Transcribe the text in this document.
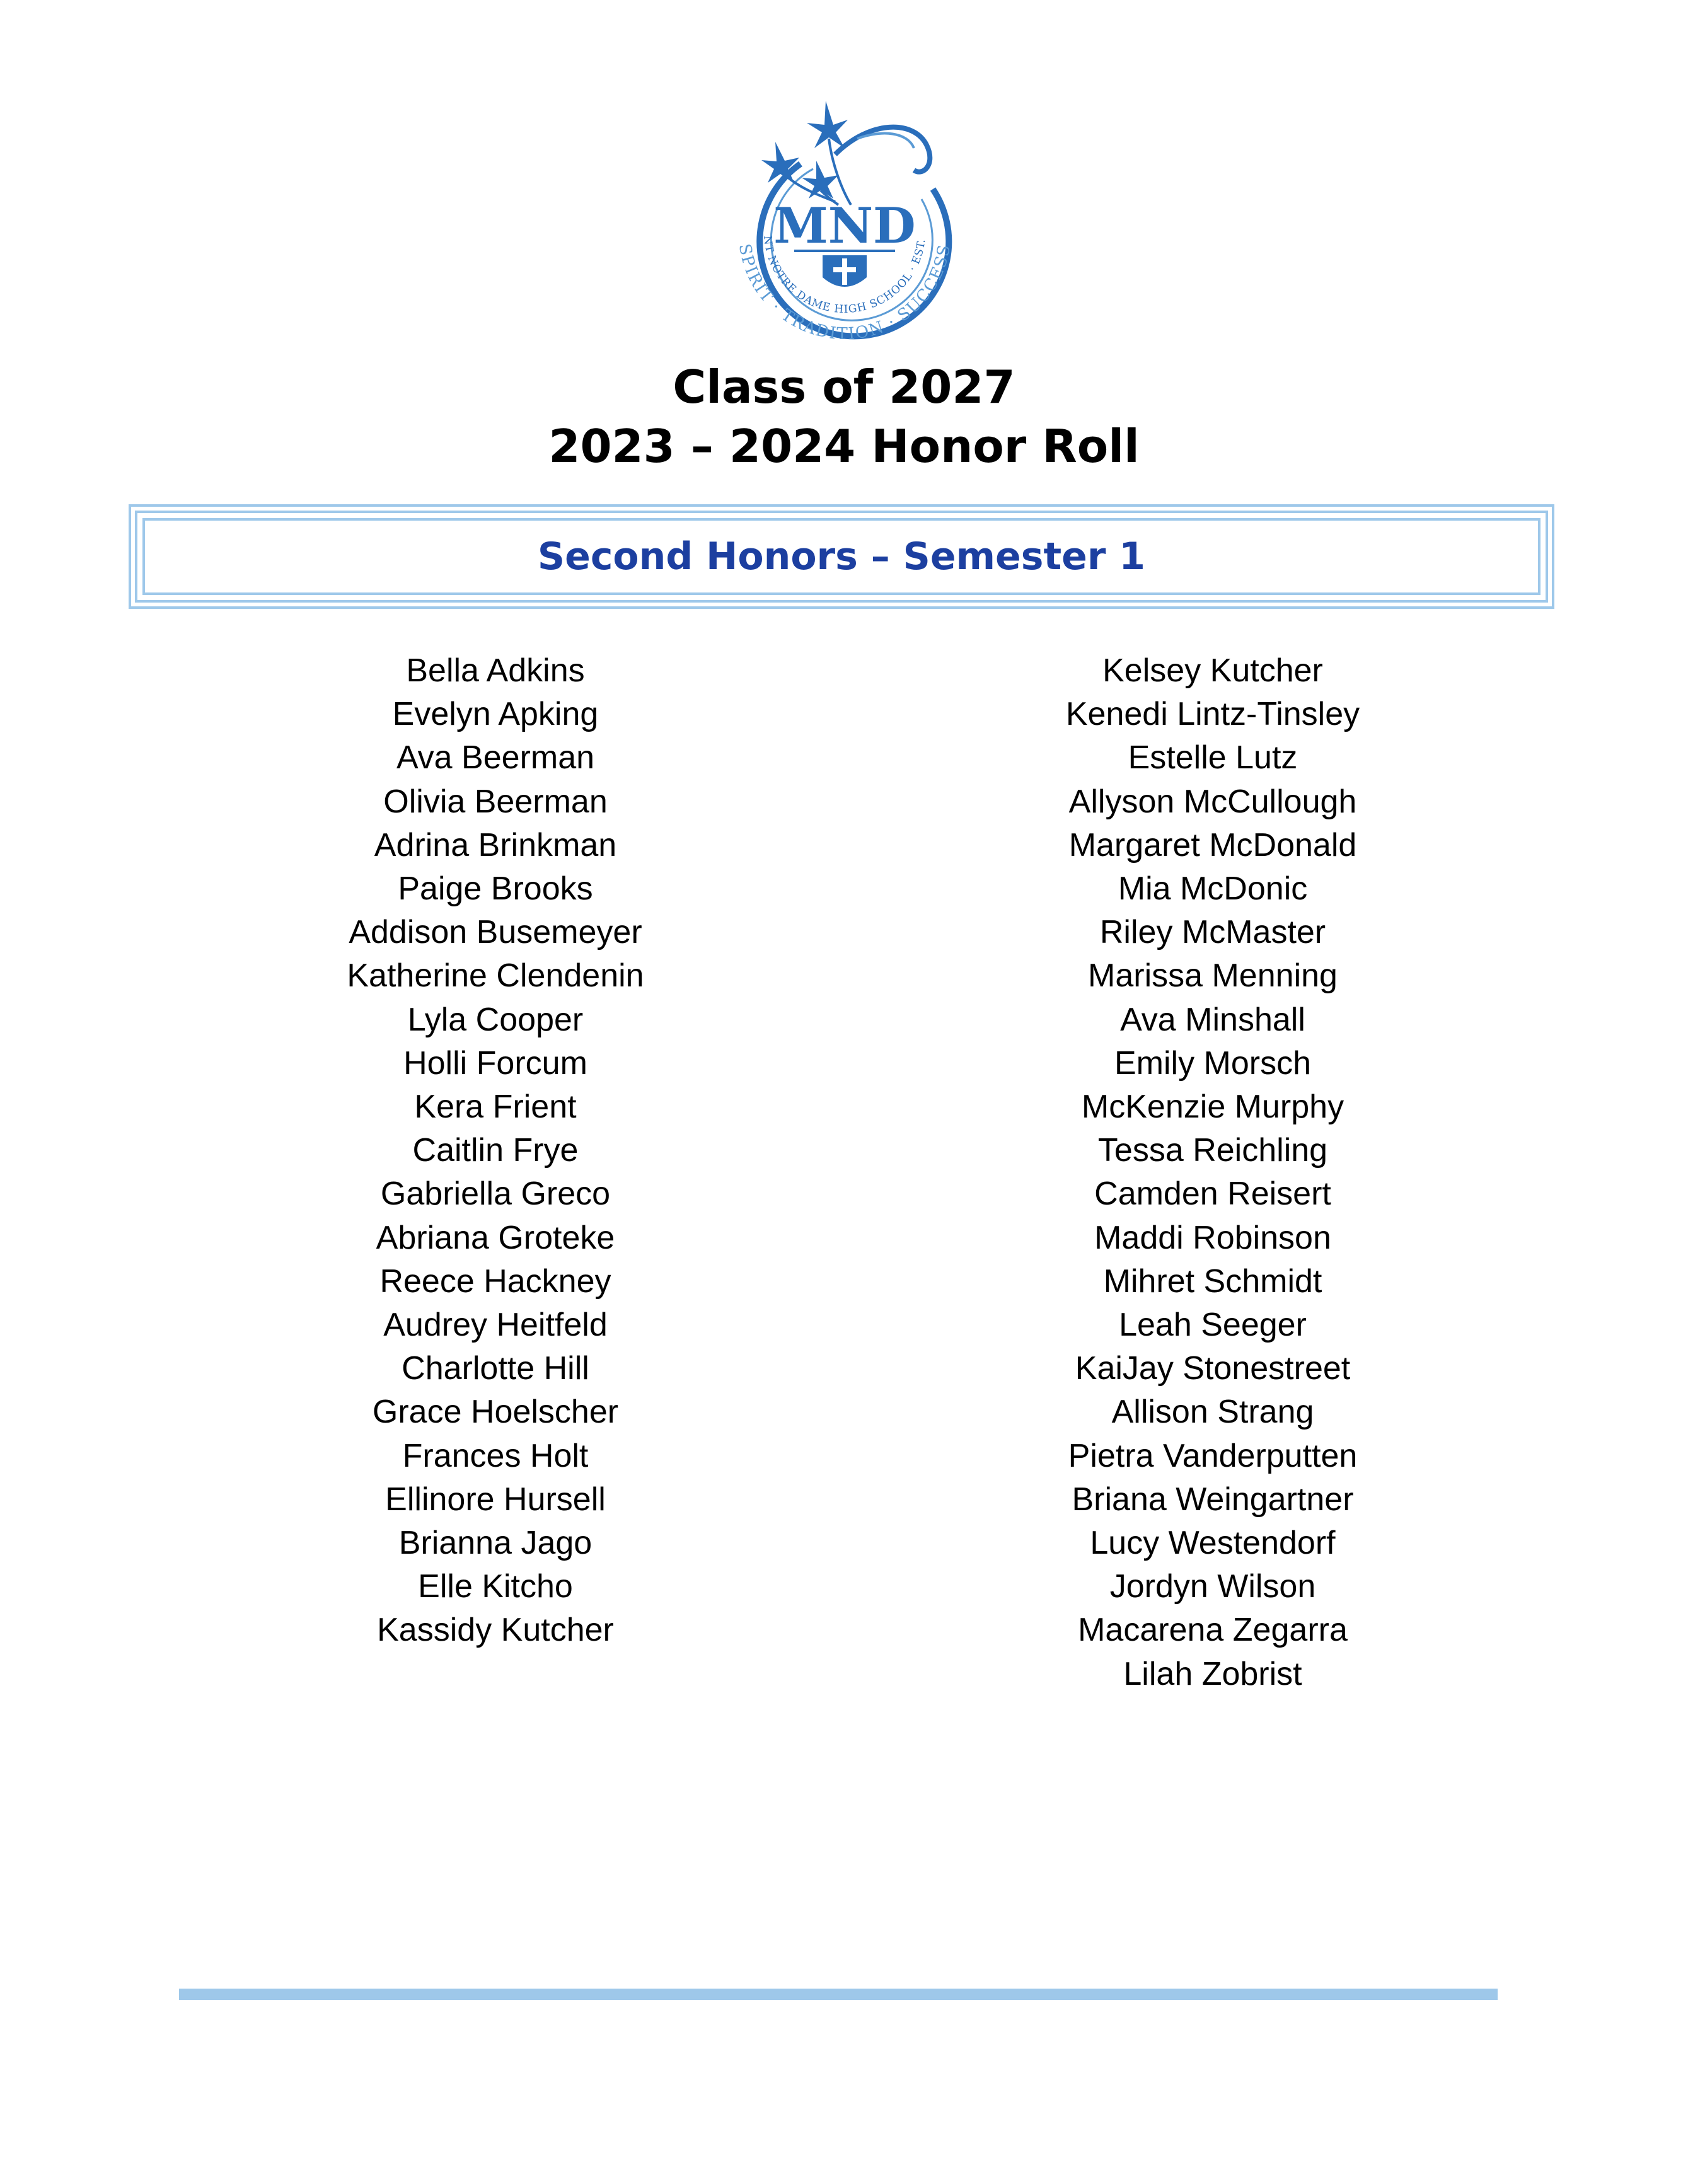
MND
NT NOTRE DAME HIGH SCHOOL · EST.
SPIRIT · TRADITION · SUCCESS
Class of 2027
2023 – 2024 Honor Roll
Second Honors – Semester 1
Bella Adkins
Evelyn Apking
Ava Beerman
Olivia Beerman
Adrina Brinkman
Paige Brooks
Addison Busemeyer
Katherine Clendenin
Lyla Cooper
Holli Forcum
Kera Frient
Caitlin Frye
Gabriella Greco
Abriana Groteke
Reece Hackney
Audrey Heitfeld
Charlotte Hill
Grace Hoelscher
Frances Holt
Ellinore Hursell
Brianna Jago
Elle Kitcho
Kassidy Kutcher
Kelsey Kutcher
Kenedi Lintz-Tinsley
Estelle Lutz
Allyson McCullough
Margaret McDonald
Mia McDonic
Riley McMaster
Marissa Menning
Ava Minshall
Emily Morsch
McKenzie Murphy
Tessa Reichling
Camden Reisert
Maddi Robinson
Mihret Schmidt
Leah Seeger
KaiJay Stonestreet
Allison Strang
Pietra Vanderputten
Briana Weingartner
Lucy Westendorf
Jordyn Wilson
Macarena Zegarra
Lilah Zobrist
